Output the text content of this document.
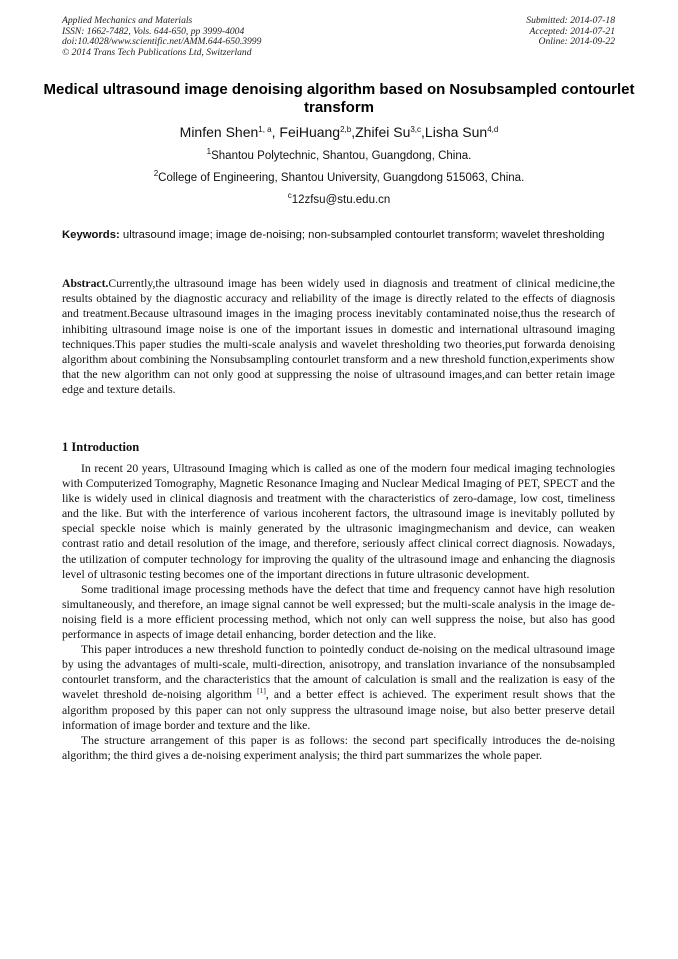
Applied Mechanics and Materials
ISSN: 1662-7482, Vols. 644-650, pp 3999-4004
doi:10.4028/www.scientific.net/AMM.644-650.3999
© 2014 Trans Tech Publications Ltd, Switzerland
Submitted: 2014-07-18
Accepted: 2014-07-21
Online: 2014-09-22
Medical ultrasound image denoising algorithm based on Nosubsampled contourlet transform
Minfen Shen$^{1, a}$, FeiHuang$^{2,b}$,Zhifei Su$^{3,c}$,Lisha Sun$^{4,d}$
$^1$Shantou Polytechnic, Shantou, Guangdong, China.
$^2$College of Engineering, Shantou University, Guangdong 515063, China.
$^c$12zfsu@stu.edu.cn
Keywords: ultrasound image; image de-noising; non-subsampled contourlet transform; wavelet thresholding
Abstract.Currently,the ultrasound image has been widely used in diagnosis and treatment of clinical medicine,the results obtained by the diagnostic accuracy and reliability of the image is directly related to the effects of diagnosis and treatment.Because ultrasound images in the imaging process inevitably contaminated noise,thus the research of inhibiting ultrasound image noise is one of the important issues in domestic and international ultrasound imaging techniques.This paper studies the multi-scale analysis and wavelet thresholding two theories,put forwarda denoising algorithm about combining the Nonsubsampling contourlet transform and a new threshold function,experiments show that the new algorithm can not only good at suppressing the noise of ultrasound images,and can better retain image edge and texture details.
1 Introduction

In recent 20 years, Ultrasound Imaging which is called as one of the modern four medical imaging technologies with Computerized Tomography, Magnetic Resonance Imaging and Nuclear Medical Imaging of PET, SPECT and the like is widely used in clinical diagnosis and treatment with the characteristics of zero-damage, low cost, timeliness and the like. But with the interference of various incoherent factors, the ultrasound image is inevitably polluted by special speckle noise which is mainly generated by the ultrasonic imagingmechanism and device, can weaken contrast ratio and detail resolution of the image, and therefore, seriously affect clinical correct diagnosis. Nowadays, the utilization of computer technology for improving the quality of the ultrasound image and enhancing the diagnosis level of ultrasonic testing becomes one of the important directions in future ultrasonic development.

Some traditional image processing methods have the defect that time and frequency cannot have high resolution simultaneously, and therefore, an image signal cannot be well expressed; but the multi-scale analysis in the image de-noising field is a more efficient processing method, which not only can well suppress the noise, but also has good performance in aspects of image detail enhancing, border detection and the like.

This paper introduces a new threshold function to pointedly conduct de-noising on the medical ultrasound image by using the advantages of multi-scale, multi-direction, anisotropy, and translation invariance of the nonsubsampled contourlet transform, and the characteristics that the amount of calculation is small and the realization is easy of the wavelet threshold de-noising algorithm [1], and a better effect is achieved. The experiment result shows that the algorithm proposed by this paper can not only suppress the ultrasound image noise, but also better preserve detail information of image border and texture and the like.

The structure arrangement of this paper is as follows: the second part specifically introduces the de-noising algorithm; the third gives a de-noising experiment analysis; the third part summarizes the whole paper.
